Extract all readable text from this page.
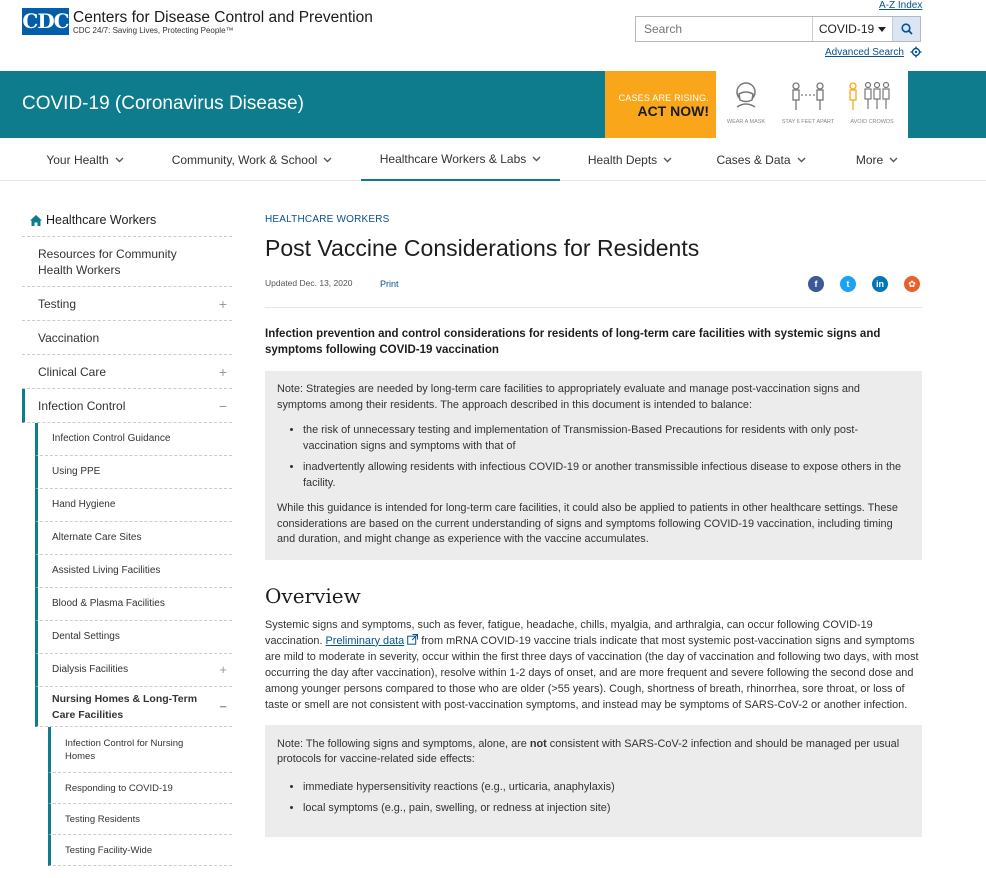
CDC Centers for Disease Control and Prevention
CDC 24/7: Saving Lives, Protecting People™
A-Z Index
Search
COVID-19
Advanced Search
COVID-19 (Coronavirus Disease)	CASES ARE RISING.
ACT NOW!
WEAR A MASK	STAY 6 FEET APART	AVOID CROWDS
Your Health	Community, Work & School	Healthcare Workers & Labs	Health Depts	Cases & Data	More
Healthcare Workers
Resources for Community Health Workers
Testing	+
Vaccination
Clinical Care	+
Infection Control	−
Infection Control Guidance
Using PPE
Hand Hygiene
Alternate Care Sites
Assisted Living Facilities
Blood & Plasma Facilities
Dental Settings
Dialysis Facilities	+
Nursing Homes & Long-Term Care Facilities
−
Infection Control for Nursing Homes
Responding to COVID-19
Testing Residents
Testing Facility-Wide
HEALTHCARE WORKERS
Post Vaccine Considerations for Residents
Updated Dec. 13, 2020	Print	f	t	in	✿

Infection prevention and control considerations for residents of long-term care facilities with systemic signs and symptoms following COVID-19 vaccination

Note: Strategies are needed by long-term care facilities to appropriately evaluate and manage post-vaccination signs and symptoms among their residents. The approach described in this document is intended to balance:

• the risk of unnecessary testing and implementation of Transmission-Based Precautions for residents with only post-vaccination signs and symptoms with that of
• inadvertently allowing residents with infectious COVID-19 or another transmissible infectious disease to expose others in the facility.

While this guidance is intended for long-term care facilities, it could also be applied to patients in other healthcare settings. These considerations are based on the current understanding of signs and symptoms following COVID-19 vaccination, including timing and duration, and might change as experience with the vaccine accumulates.

Overview

Systemic signs and symptoms, such as fever, fatigue, headache, chills, myalgia, and arthralgia, can occur following COVID-19 vaccination. Preliminary data from mRNA COVID-19 vaccine trials indicate that most systemic post-vaccination signs and symptoms are mild to moderate in severity, occur within the first three days of vaccination (the day of vaccination and following two days, with most occurring the day after vaccination), resolve within 1-2 days of onset, and are more frequent and severe following the second dose and among younger persons compared to those who are older (>55 years). Cough, shortness of breath, rhinorrhea, sore throat, or loss of taste or smell are not consistent with post-vaccination symptoms, and instead may be symptoms of SARS-CoV-2 or another infection.

Note: The following signs and symptoms, alone, are not consistent with SARS-CoV-2 infection and should be managed per usual protocols for vaccine-related side effects:

• immediate hypersensitivity reactions (e.g., urticaria, anaphylaxis)
• local symptoms (e.g., pain, swelling, or redness at injection site)
